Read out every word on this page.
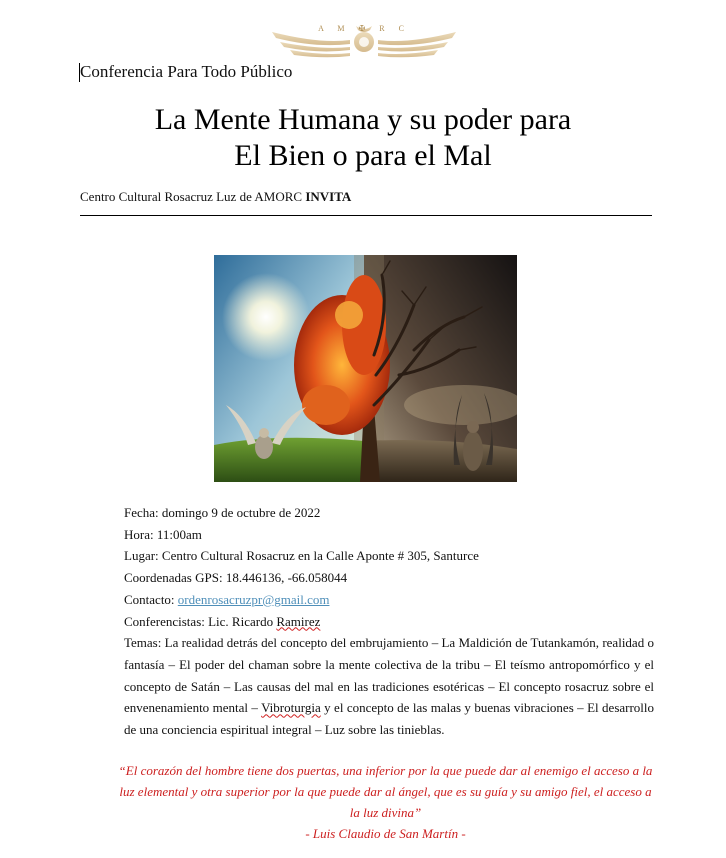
A M ✠ R C
Conferencia Para Todo Público
La Mente Humana y su poder para
El Bien o para el Mal
Centro Cultural Rosacruz Luz de AMORC INVITA
Fecha: domingo 9 de octubre de 2022
Hora: 11:00am
Lugar: Centro Cultural Rosacruz en la Calle Aponte # 305, Santurce
Coordenadas GPS: 18.446136, -66.058044
Contacto: ordenrosacruzpr@gmail.com
Conferencistas: Lic. Ricardo Ramirez
Temas: La realidad detrás del concepto del embrujamiento – La Maldición de Tutankamón, realidad o fantasía – El poder del chaman sobre la mente colectiva de la tribu – El teísmo antropomórfico y el concepto de Satán – Las causas del mal en las tradiciones esotéricas – El concepto rosacruz sobre el envenenamiento mental – Vibroturgia y el concepto de las malas y buenas vibraciones – El desarrollo de una conciencia espiritual integral – Luz sobre las tinieblas.
“El corazón del hombre tiene dos puertas, una inferior por la que puede dar al enemigo el acceso a la luz elemental y otra superior por la que puede dar al ángel, que es su guía y su amigo fiel, el acceso a la luz divina”
- Luis Claudio de San Martín -
